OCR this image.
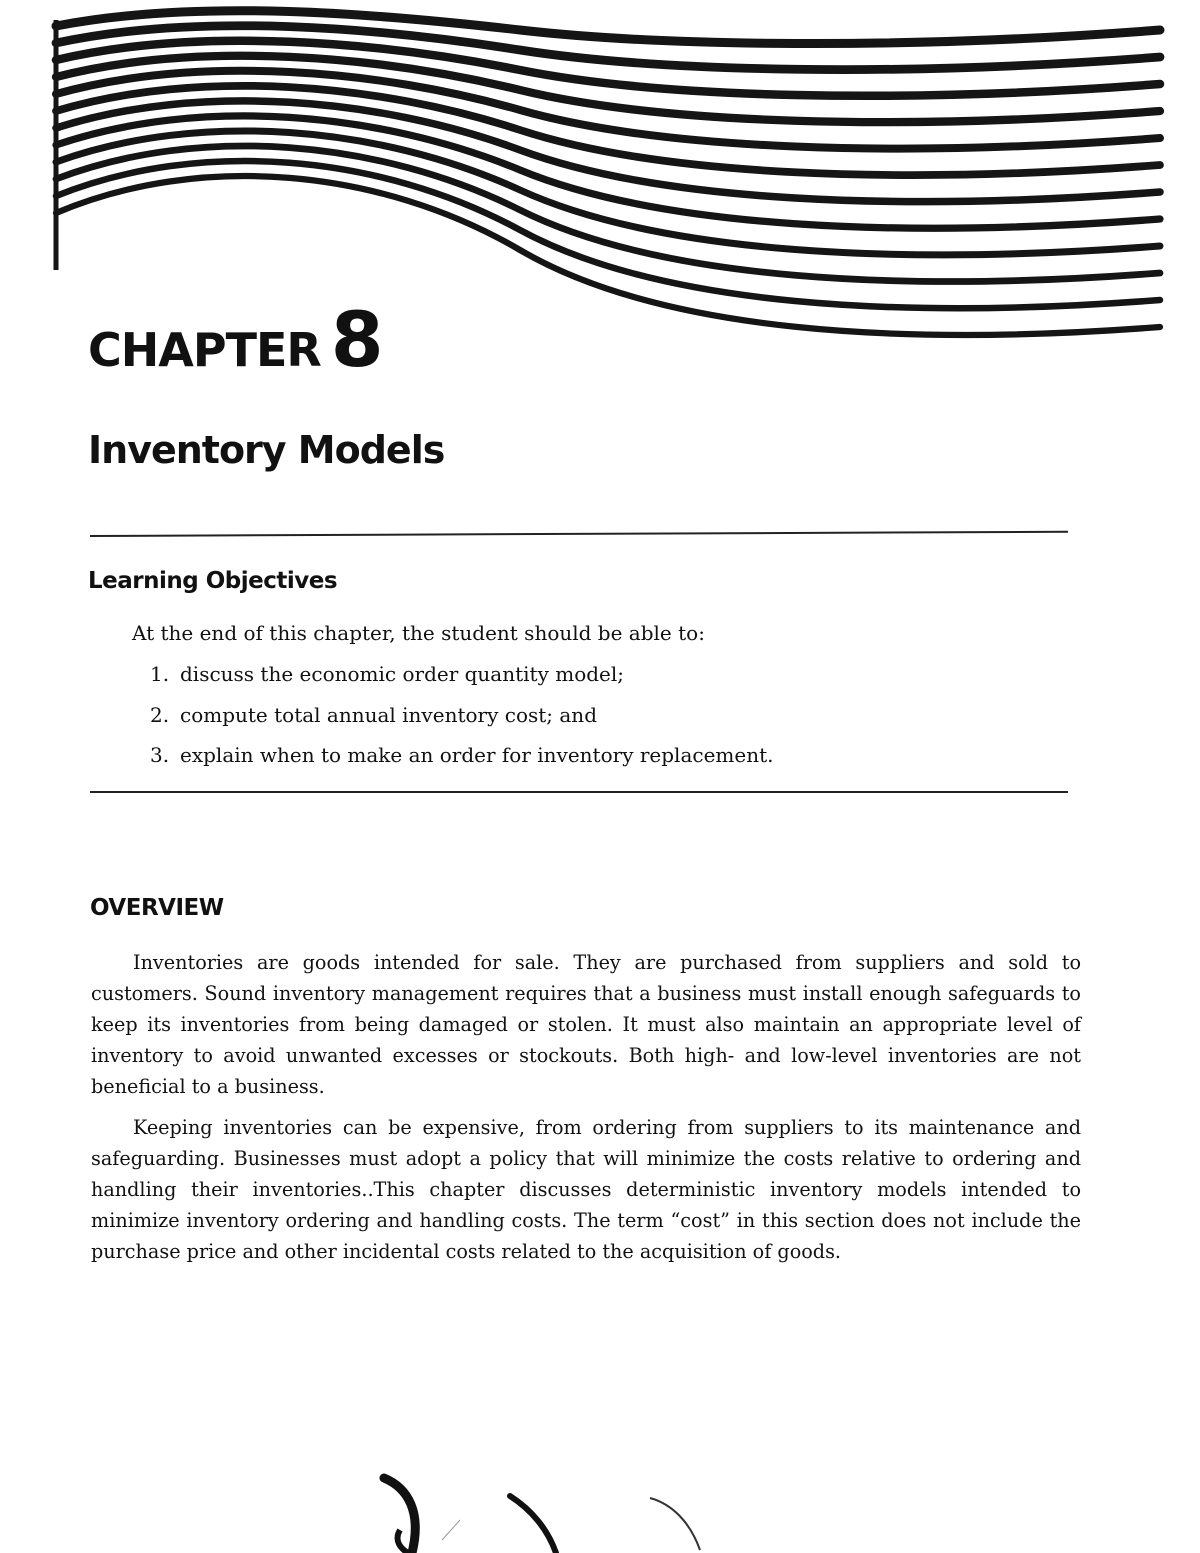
CHAPTER 8
Inventory Models
Learning Objectives

At the end of this chapter, the student should be able to:

1. discuss the economic order quantity model;
2. compute total annual inventory cost; and
3. explain when to make an order for inventory replacement.
OVERVIEW

Inventories are goods intended for sale. They are purchased from suppliers and sold to customers. Sound inventory management requires that a business must install enough safeguards to keep its inventories from being damaged or stolen. It must also maintain an appropriate level of inventory to avoid unwanted excesses or stockouts. Both high- and low-level inventories are not beneficial to a business.

Keeping inventories can be expensive, from ordering from suppliers to its maintenance and safeguarding. Businesses must adopt a policy that will minimize the costs relative to ordering and handling their inventories..This chapter discusses deterministic inventory models intended to minimize inventory ordering and handling costs. The term “cost” in this section does not include the purchase price and other incidental costs related to the acquisition of goods.
